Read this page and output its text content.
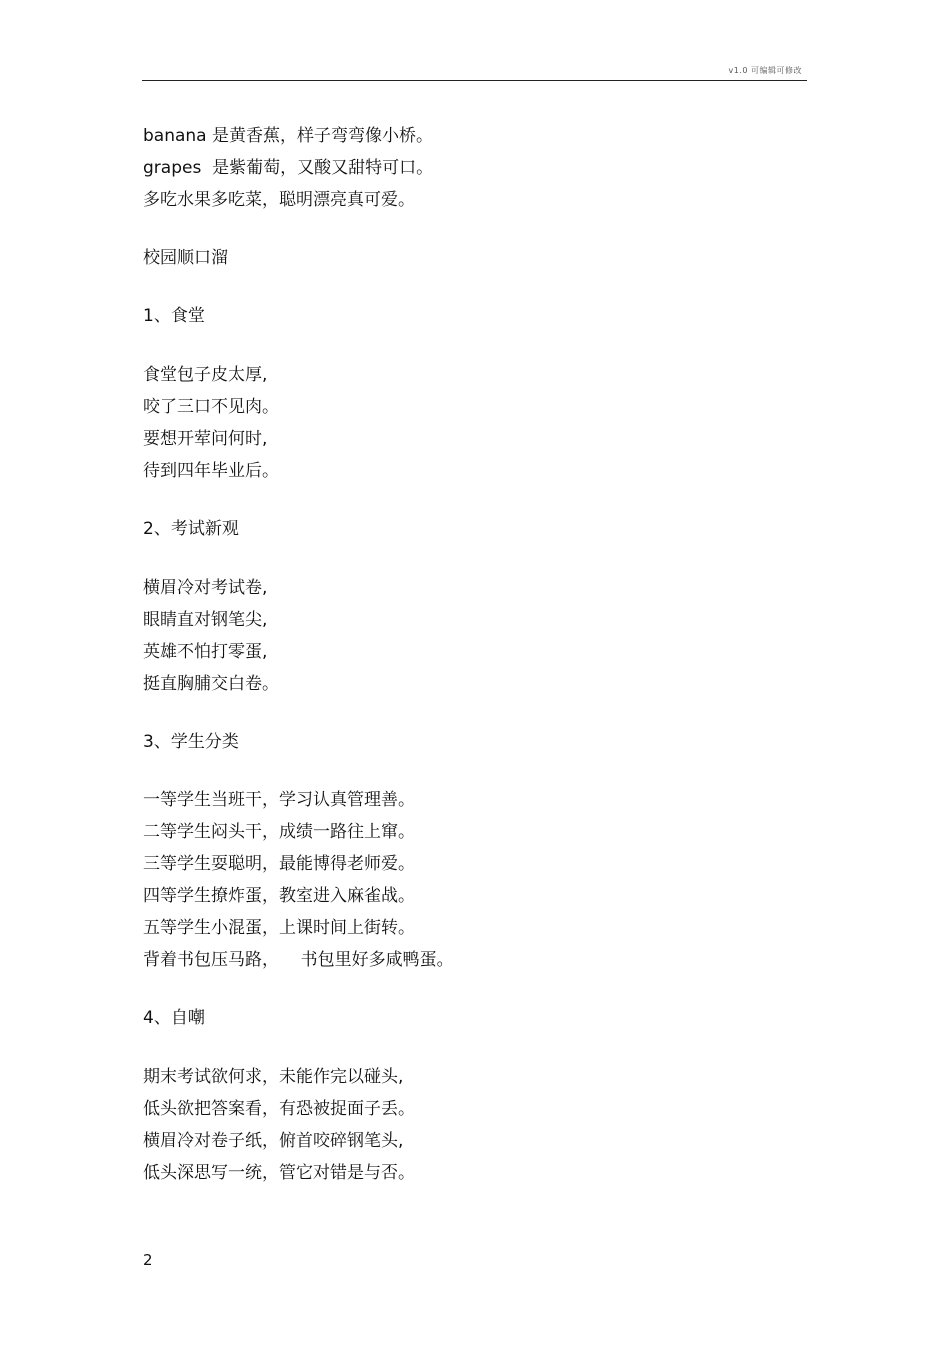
v1.0 可编辑可修改
banana 是黄香蕉，样子弯弯像小桥。
grapes  是紫葡萄，又酸又甜特可口。
多吃水果多吃菜，聪明漂亮真可爱。
校园顺口溜
1、食堂
食堂包子皮太厚,
咬了三口不见肉。
要想开荤问何时,
待到四年毕业后。
2、考试新观
横眉冷对考试卷,
眼睛直对钢笔尖,
英雄不怕打零蛋,
挺直胸脯交白卷。
3、学生分类
一等学生当班干，学习认真管理善。
二等学生闷头干，成绩一路往上窜。
三等学生耍聪明，最能博得老师爱。
四等学生撩炸蛋，教室进入麻雀战。
五等学生小混蛋，上课时间上街转。
背着书包压马路，    书包里好多咸鸭蛋。
4、自嘲
期末考试欲何求，未能作完以碰头,
低头欲把答案看，有恐被捉面子丢。
横眉冷对卷子纸，俯首咬碎钢笔头,
低头深思写一统，管它对错是与否。
2
